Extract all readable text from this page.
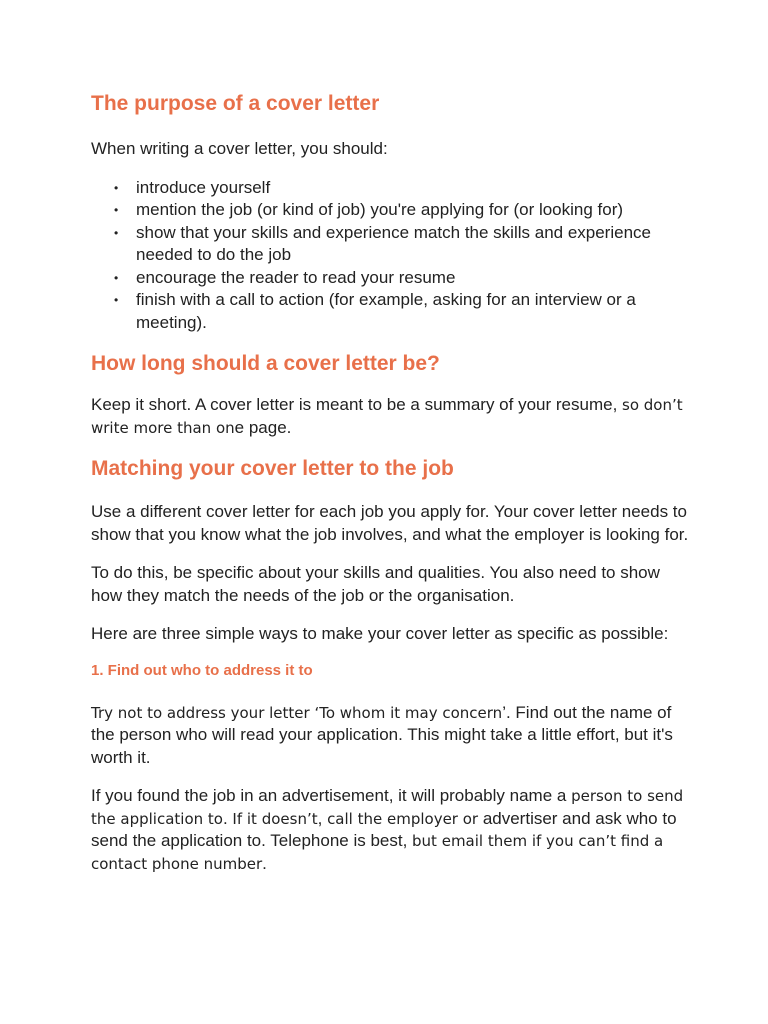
The purpose of a cover letter

When writing a cover letter, you should:

• introduce yourself
• mention the job (or kind of job) you're applying for (or looking for)
• show that your skills and experience match the skills and experience needed to do the job
• encourage the reader to read your resume
• finish with a call to action (for example, asking for an interview or a meeting).
How long should a cover letter be?

Keep it short. A cover letter is meant to be a summary of your resume, so don’t write more than one page.

Matching your cover letter to the job

Use a different cover letter for each job you apply for. Your cover letter needs to show that you know what the job involves, and what the employer is looking for.

To do this, be specific about your skills and qualities. You also need to show how they match the needs of the job or the organisation.

Here are three simple ways to make your cover letter as specific as possible:

1. Find out who to address it to

Try not to address your letter ‘To whom it may concern’. Find out the name of the person who will read your application. This might take a little effort, but it's worth it.

If you found the job in an advertisement, it will probably name a person to send the application to. If it doesn’t, call the employer or advertiser and ask who to send the application to. Telephone is best, but email them if you can’t find a contact phone number.
